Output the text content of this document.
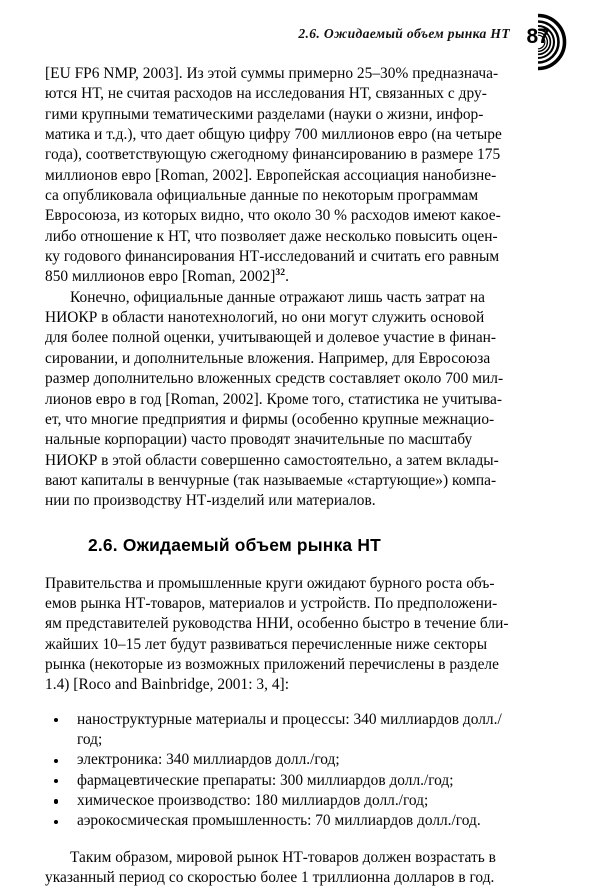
2.6. Ожидаемый объем рынка НТ 87

[EU FP6 NMP, 2003]. Из этой суммы примерно 25–30% предназнача-
ются НТ, не считая расходов на исследования НТ, связанных с дру-
гими крупными тематическими разделами (науки о жизни, инфор-
матика и т.д.), что дает общую цифру 700 миллионов евро (на четыре
года), соответствующую сжегодному финансированию в размере 175
миллионов евро [Roman, 2002]. Европейская ассоциация нанобизне-
са опубликовала официальные данные по некоторым программам
Евросоюза, из которых видно, что около 30 % расходов имеют какое-
либо отношение к НТ, что позволяет даже несколько повысить оцен-
ку годового финансирования НТ-исследований и считать его равным
850 миллионов евро [Roman, 2002]$^{32}$.

Конечно, официальные данные отражают лишь часть затрат на
НИОКР в области нанотехнологий, но они могут служить основой
для более полной оценки, учитывающей и долевое участие в финан-
сировании, и дополнительные вложения. Например, для Евросоюза
размер дополнительно вложенных средств составляет около 700 мил-
лионов евро в год [Roman, 2002]. Кроме того, статистика не учитыва-
ет, что многие предприятия и фирмы (особенно крупные межнацио-
нальные корпорации) часто проводят значительные по масштабу
НИОКР в этой области совершенно самостоятельно, а затем вклады-
вают капиталы в венчурные (так называемые «стартующие») компа-
нии по производству НТ-изделий или материалов.

2.6. Ожидаемый объем рынка НТ

Правительства и промышленные круги ожидают бурного роста объ-
емов рынка НТ-товаров, материалов и устройств. По предположени-
ям представителей руководства ННИ, особенно быстро в течение бли-
жайших 10–15 лет будут развиваться перечисленные ниже секторы
рынка (некоторые из возможных приложений перечислены в разделе
1.4) [Roco and Bainbridge, 2001: 3, 4]:

наноструктурные материалы и процессы: 340 миллиардов долл./
год;
электроника: 340 миллиардов долл./год;
фармацевтические препараты: 300 миллиардов долл./год;
химическое производство: 180 миллиардов долл./год;
аэрокосмическая промышленность: 70 миллиардов долл./год.

Таким образом, мировой рынок НТ-товаров должен возрастать в
указанный период со скоростью более 1 триллионна долларов в год.
